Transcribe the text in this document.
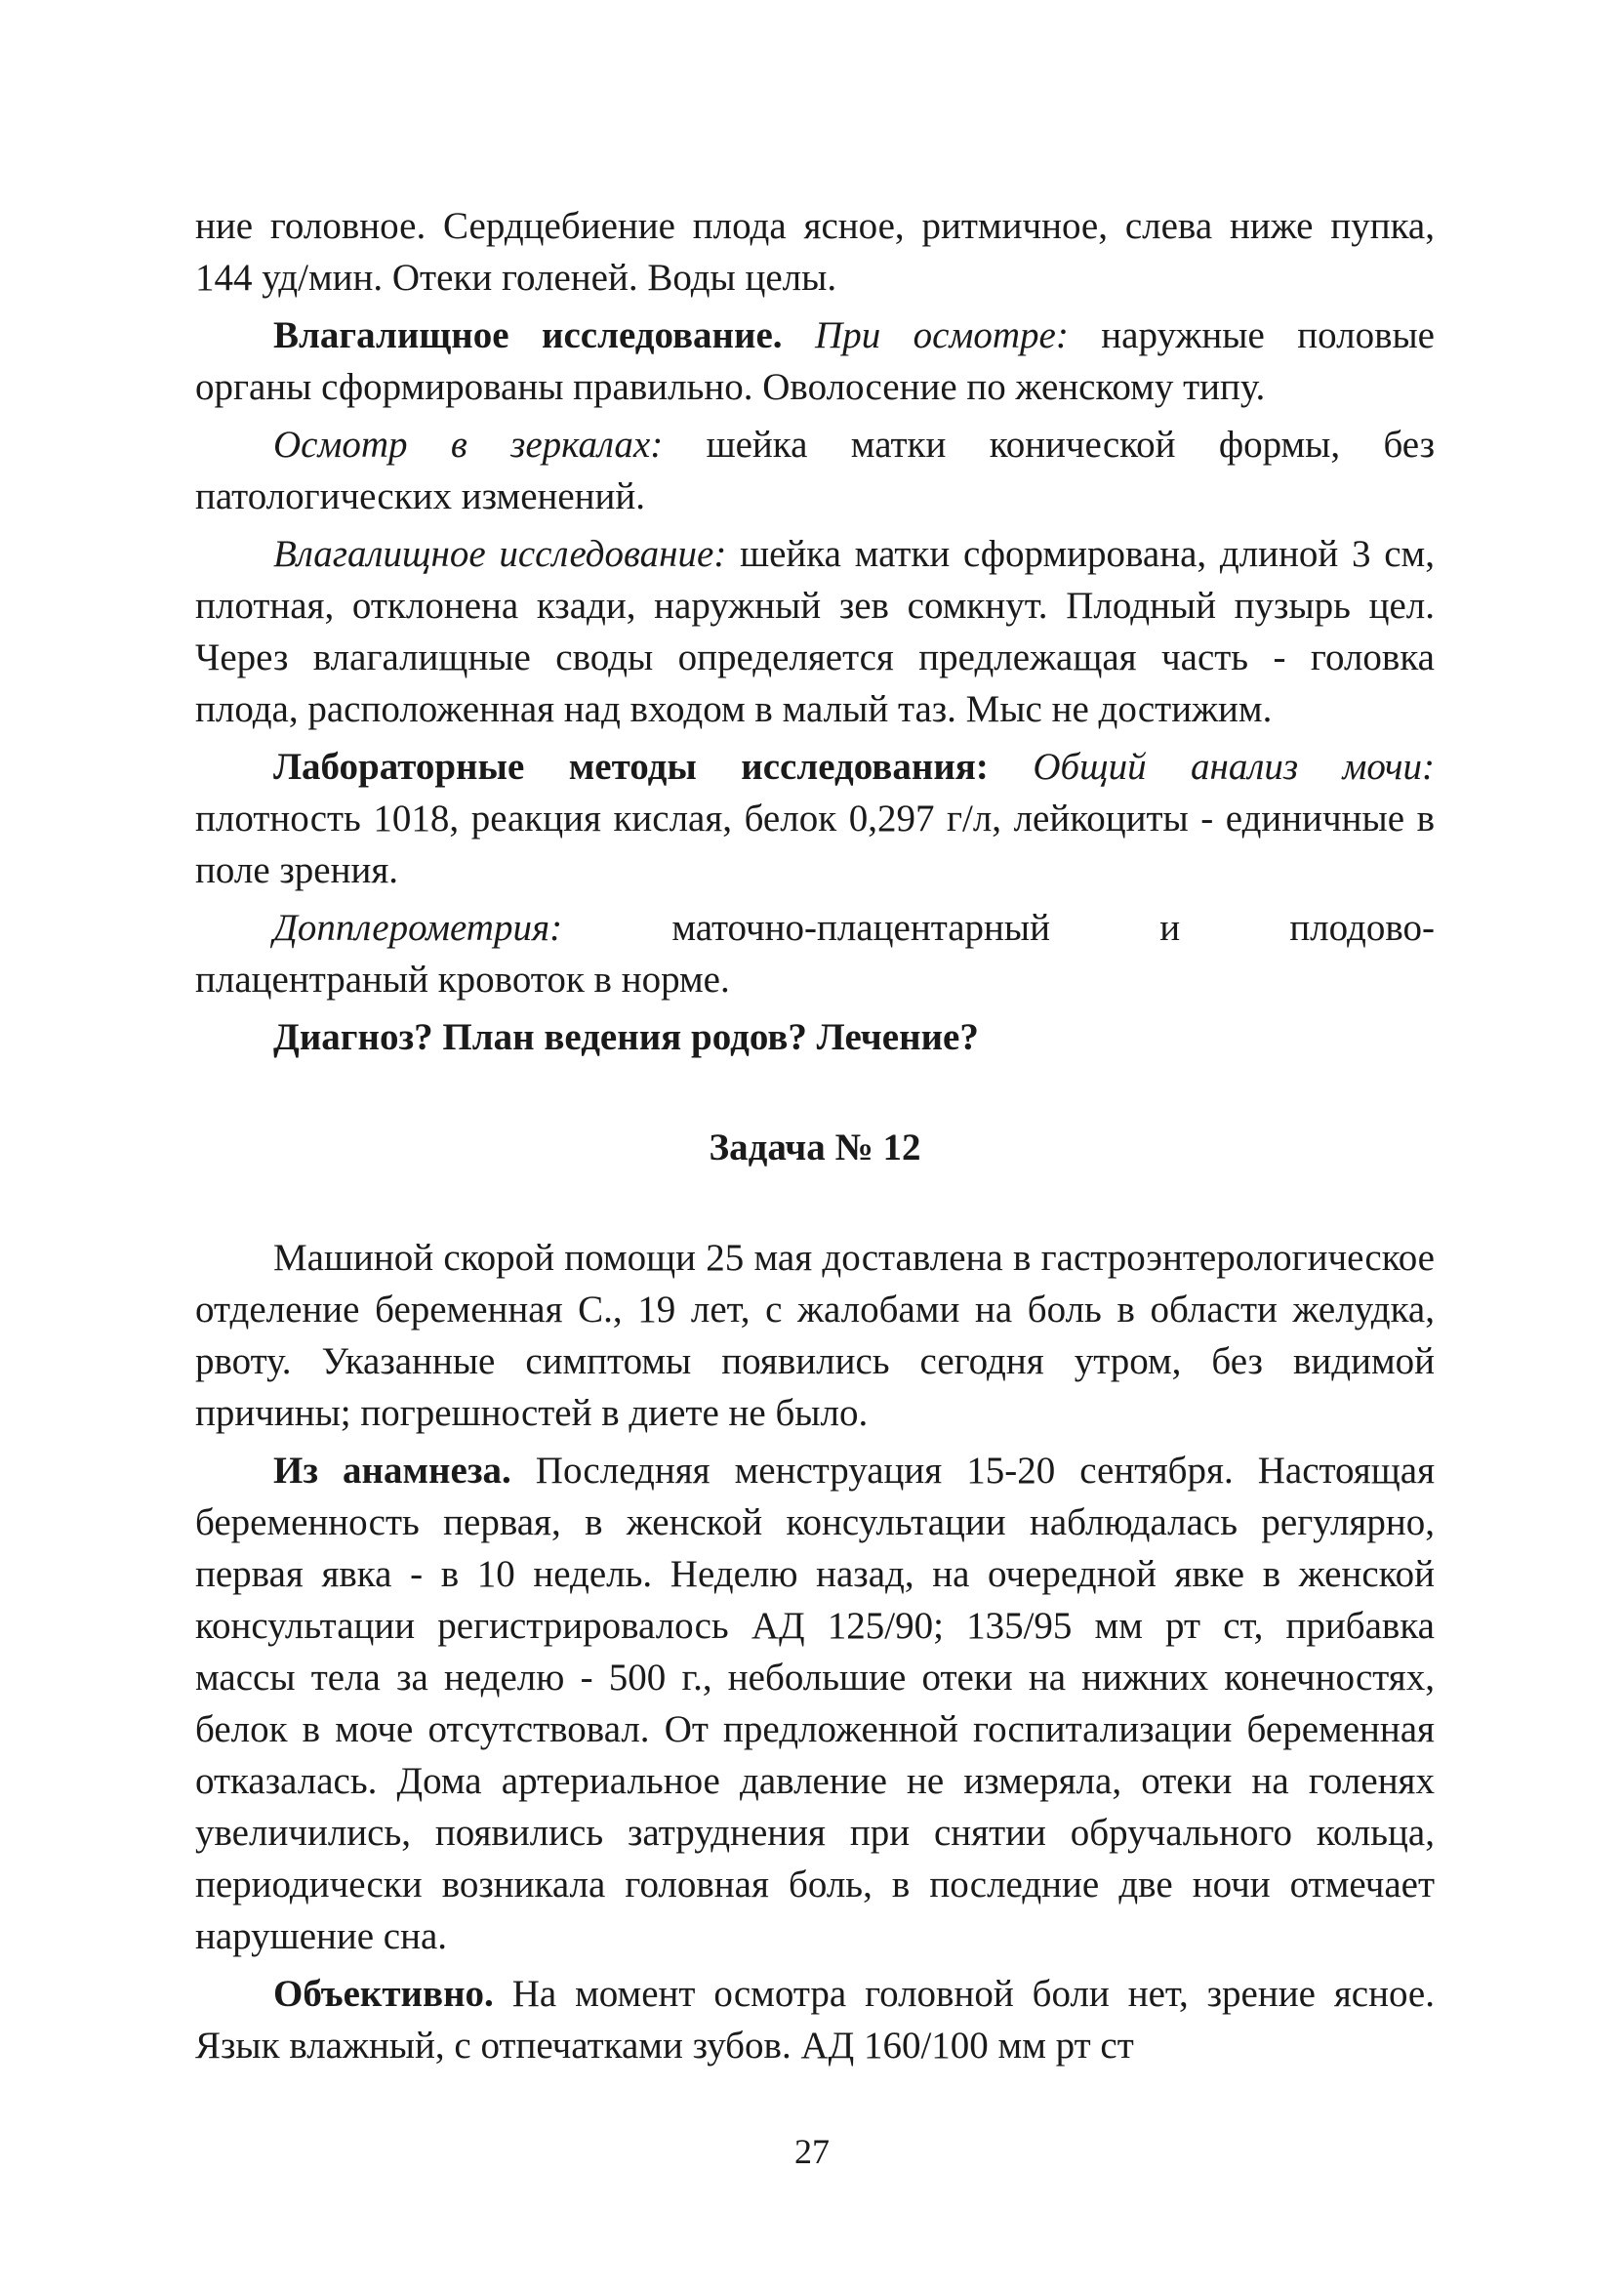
ние головное. Сердцебиение плода ясное, ритмичное, слева ниже пупка, 144 уд/мин. Отеки голеней. Воды целы.

Влагалищное исследование. При осмотре: наружные половые органы сформированы правильно. Оволосение по женскому типу.

Осмотр в зеркалах: шейка матки конической формы, без патологических изменений.

Влагалищное исследование: шейка матки сформирована, длиной 3 см, плотная, отклонена кзади, наружный зев сомкнут. Плодный пузырь цел. Через влагалищные своды определяется предлежащая часть - головка плода, расположенная над входом в малый таз. Мыс не достижим.

Лабораторные методы исследования: Общий анализ мочи: плотность 1018, реакция кислая, белок 0,297 г/л, лейкоциты - единичные в поле зрения.

Допплерометрия:	маточно-плацентарный	и	плодово-
плацентраный кровоток в норме.

Диагноз? План ведения родов? Лечение?

Задача № 12

Машиной скорой помощи 25 мая доставлена в гастроэнтерологическое отделение беременная С., 19 лет, с жалобами на боль в области желудка, рвоту. Указанные симптомы появились сегодня утром, без видимой причины; погрешностей в диете не было.

Из анамнеза. Последняя менструация 15-20 сентября. Настоящая беременность первая, в женской консультации наблюдалась регулярно, первая явка - в 10 недель. Неделю назад, на очередной явке в женской консультации регистрировалось АД 125/90; 135/95 мм рт ст, прибавка массы тела за неделю - 500 г., небольшие отеки на нижних конечностях, белок в моче отсутствовал. От предложенной госпитализации беременная отказалась. Дома артериальное давление не измеряла, отеки на голенях увеличились, появились затруднения при снятии обручального кольца, периодически возникала головная боль, в последние две ночи отмечает нарушение сна.

Объективно. На момент осмотра головной боли нет, зрение ясное. Язык влажный, с отпечатками зубов. АД 160/100 мм рт ст

27
